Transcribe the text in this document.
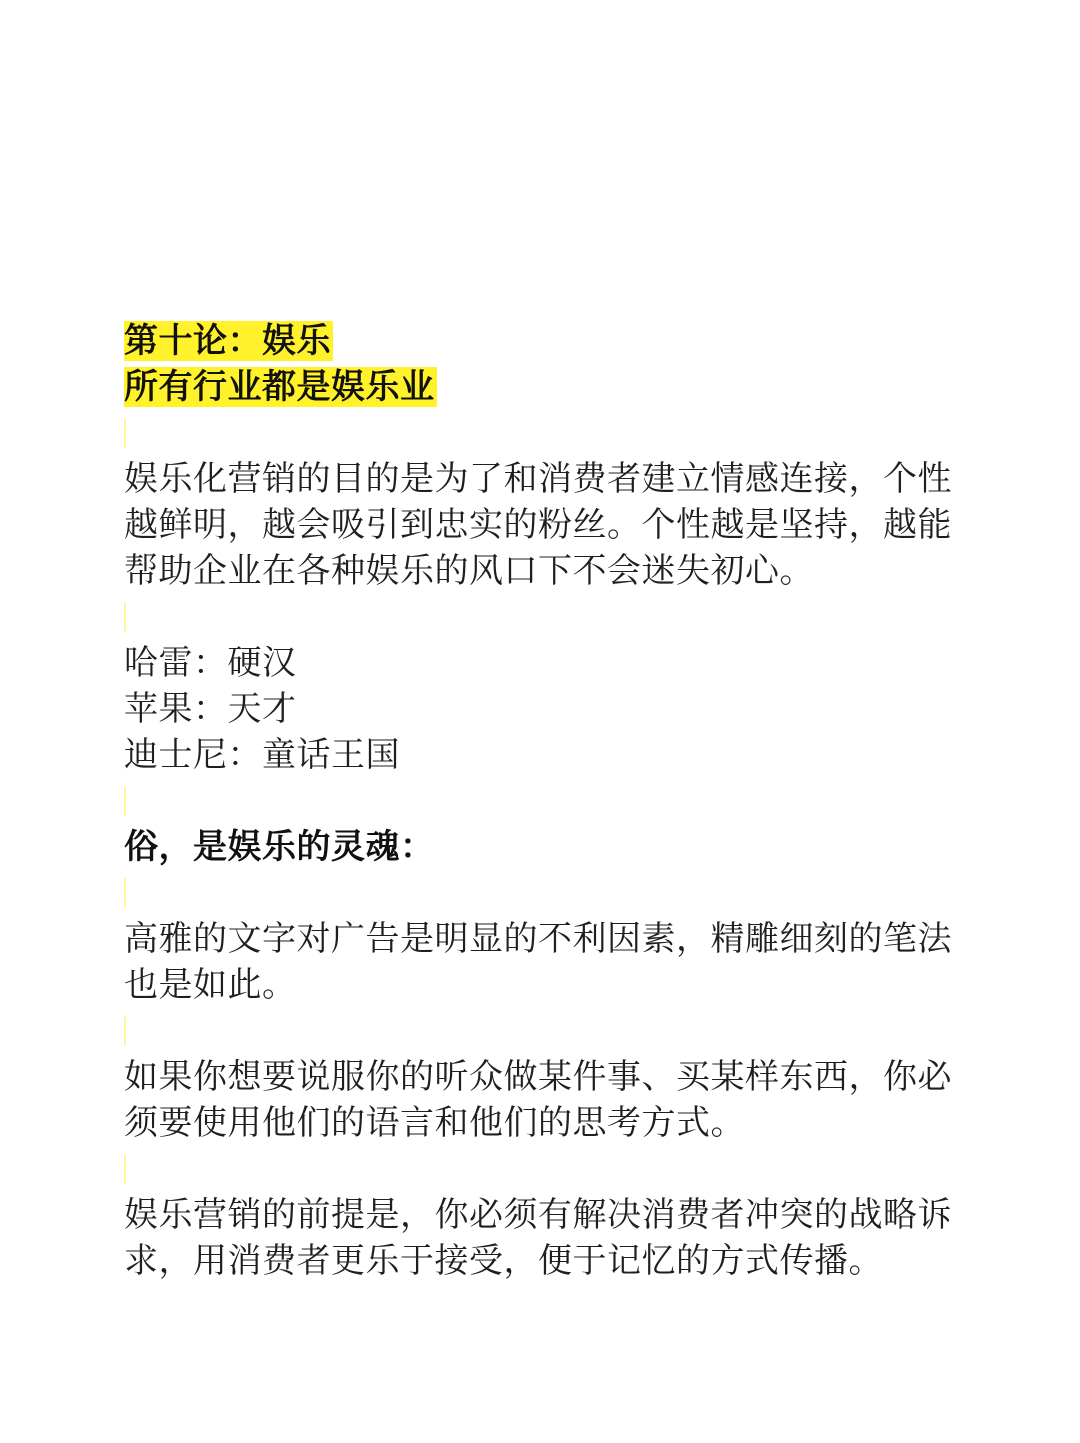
第十论：娱乐
所有行业都是娱乐业
娱乐化营销的目的是为了和消费者建立情感连接，个性
越鲜明，越会吸引到忠实的粉丝。个性越是坚持，越能
帮助企业在各种娱乐的风口下不会迷失初心。
哈雷：硬汉
苹果：天才
迪士尼：童话王国
俗，是娱乐的灵魂：
高雅的文字对广告是明显的不利因素，精雕细刻的笔法
也是如此。
如果你想要说服你的听众做某件事、买某样东西，你必
须要使用他们的语言和他们的思考方式。
娱乐营销的前提是，你必须有解决消费者冲突的战略诉
求，用消费者更乐于接受，便于记忆的方式传播。
